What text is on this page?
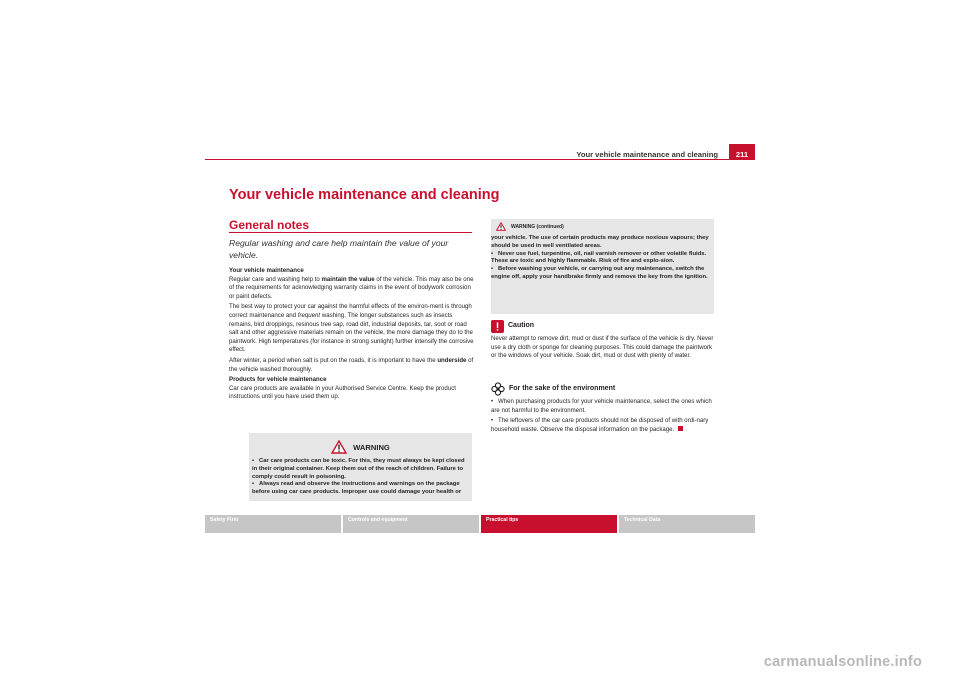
Your vehicle maintenance and cleaning	211
Your vehicle maintenance and cleaning
General notes
Regular washing and care help maintain the value of your vehicle.

Your vehicle maintenance

Regular care and washing help to maintain the value of the vehicle. This may also be one of the requirements for acknowledging warranty claims in the event of bodywork corrosion or paint defects.

The best way to protect your car against the harmful effects of the environ-ment is through correct maintenance and frequent washing. The longer substances such as insects remains, bird droppings, resinous tree sap, road dirt, industrial deposits, tar, soot or road salt and other aggressive materials remain on the vehicle, the more damage they do to the paintwork. High temperatures (for instance in strong sunlight) further intensify the corrosive effect.

After winter, a period when salt is put on the roads, it is important to have the underside of the vehicle washed thoroughly.

Products for vehicle maintenance

Car care products are available in your Authorised Service Centre. Keep the product instructions until you have used them up.

WARNING

• Car care products can be toxic. For this, they must always be kept closed in their original container. Keep them out of the reach of children. Failure to comply could result in poisoning.

• Always read and observe the instructions and warnings on the package before using car care products. Improper use could damage your health or

WARNING (continued)

your vehicle. The use of certain products may produce noxious vapours; they should be used in well ventilated areas.

• Never use fuel, turpentine, oil, nail varnish remover or other volatile fluids. These are toxic and highly flammable. Risk of fire and explo-sion.

• Before washing your vehicle, or carrying out any maintenance, switch the engine off, apply your handbrake firmly and remove the key from the ignition.

Caution

Never attempt to remove dirt, mud or dust if the surface of the vehicle is dry. Never use a dry cloth or sponge for cleaning purposes. This could damage the paintwork or the windows of your vehicle. Soak dirt, mud or dust with plenty of water.

For the sake of the environment

• When purchasing products for your vehicle maintenance, select the ones which are not harmful to the environment.

• The leftovers of the car care products should not be disposed of with ordi-nary household waste. Observe the disposal information on the package.

Safety First	Controls and equipment	Practical tips	Technical Data
carmanualsonline.info
